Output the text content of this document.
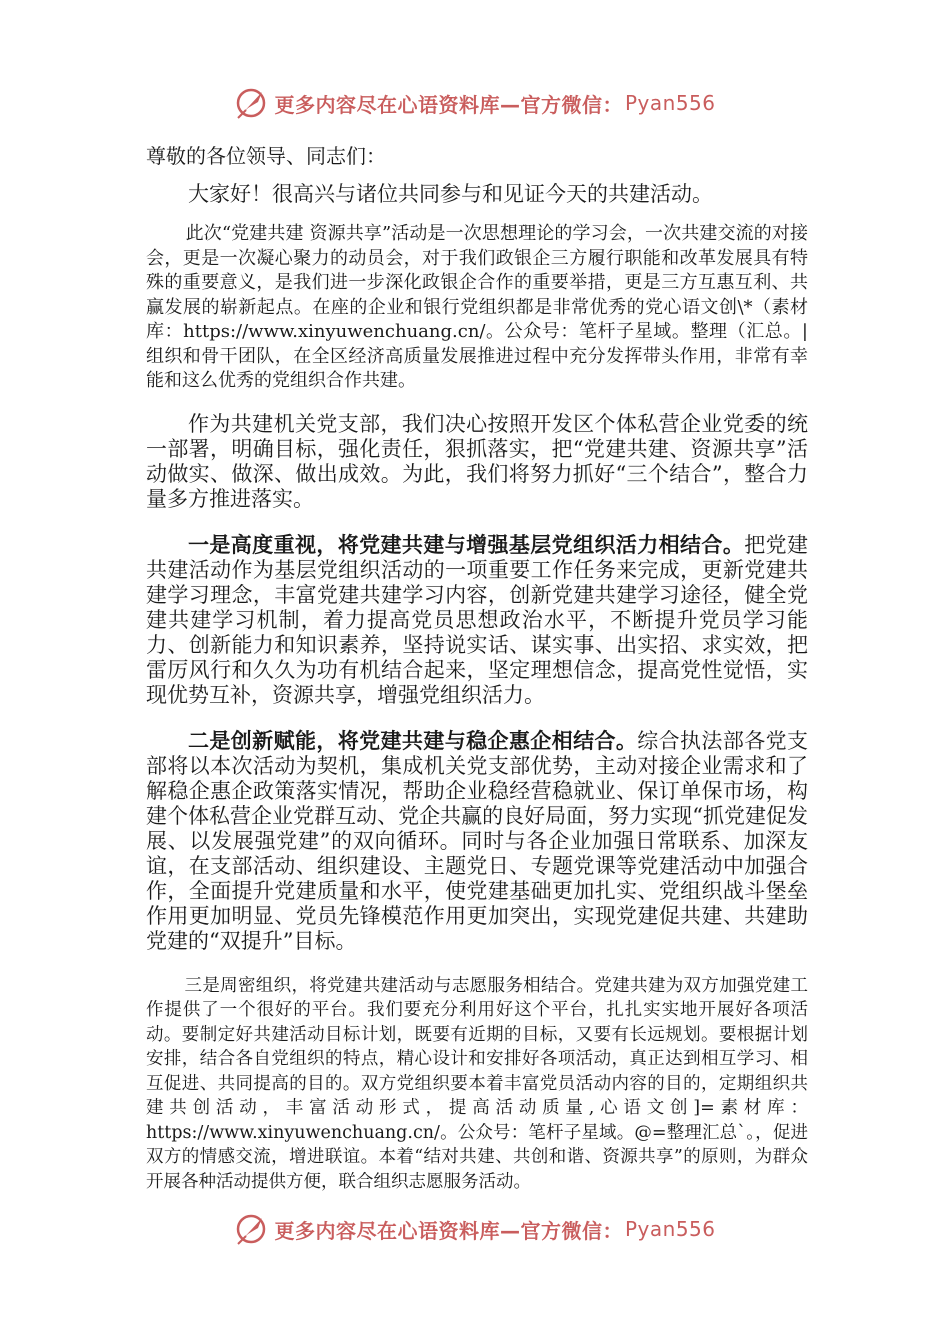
更多内容尽在心语资料库—官方微信： Pyan556

尊敬的各位领导、同志们：

大家好！很高兴与诸位共同参与和见证今天的共建活动。

此次“党建共建 资源共享”活动是一次思想理论的学习会，一次共建交流的对接会，更是一次凝心聚力的动员会，对于我们政银企三方履行职能和改革发展具有特殊的重要意义，是我们进一步深化政银企合作的重要举措，更是三方互惠互利、共赢发展的崭新起点。在座的企业和银行党组织都是非常优秀的党心语文创\*（素材库：https://www.xinyuwenchuang.cn/。公众号：笔杆子星域。整理（汇总。|组织和骨干团队，在全区经济高质量发展推进过程中充分发挥带头作用，非常有幸能和这么优秀的党组织合作共建。

作为共建机关党支部，我们决心按照开发区个体私营企业党委的统一部署，明确目标，强化责任，狠抓落实，把“党建共建、资源共享”活动做实、做深、做出成效。为此，我们将努力抓好“三个结合”，整合力量多方推进落实。

一是高度重视，将党建共建与增强基层党组织活力相结合。把党建共建活动作为基层党组织活动的一项重要工作任务来完成，更新党建共建学习理念，丰富党建共建学习内容，创新党建共建学习途径，健全党建共建学习机制，着力提高党员思想政治水平，不断提升党员学习能力、创新能力和知识素养，坚持说实话、谋实事、出实招、求实效，把雷厉风行和久久为功有机结合起来，坚定理想信念，提高党性觉悟，实现优势互补，资源共享，增强党组织活力。

二是创新赋能，将党建共建与稳企惠企相结合。综合执法部各党支部将以本次活动为契机，集成机关党支部优势，主动对接企业需求和了解稳企惠企政策落实情况，帮助企业稳经营稳就业、保订单保市场，构建个体私营企业党群互动、党企共赢的良好局面，努力实现“抓党建促发展、以发展强党建”的双向循环。同时与各企业加强日常联系、加深友谊，在支部活动、组织建设、主题党日、专题党课等党建活动中加强合作，全面提升党建质量和水平，使党建基础更加扎实、党组织战斗堡垒作用更加明显、党员先锋模范作用更加突出，实现党建促共建、共建助党建的“双提升”目标。

三是周密组织，将党建共建活动与志愿服务相结合。党建共建为双方加强党建工作提供了一个很好的平台。我们要充分利用好这个平台，扎扎实实地开展好各项活动。要制定好共建活动目标计划，既要有近期的目标，又要有长远规划。要根据计划安排，结合各自党组织的特点，精心设计和安排好各项活动，真正达到相互学习、相互促进、共同提高的目的。双方党组织要本着丰富党员活动内容的目的，定期组织共建共创活动，丰富活动形式，提高活动质量,心语文创]=素材库：https://www.xinyuwenchuang.cn/。公众号：笔杆子星域。@=整理汇总`。，促进双方的情感交流，增进联谊。本着“结对共建、共创和谐、资源共享”的原则，为群众开展各种活动提供方便，联合组织志愿服务活动。

更多内容尽在心语资料库—官方微信： Pyan556
